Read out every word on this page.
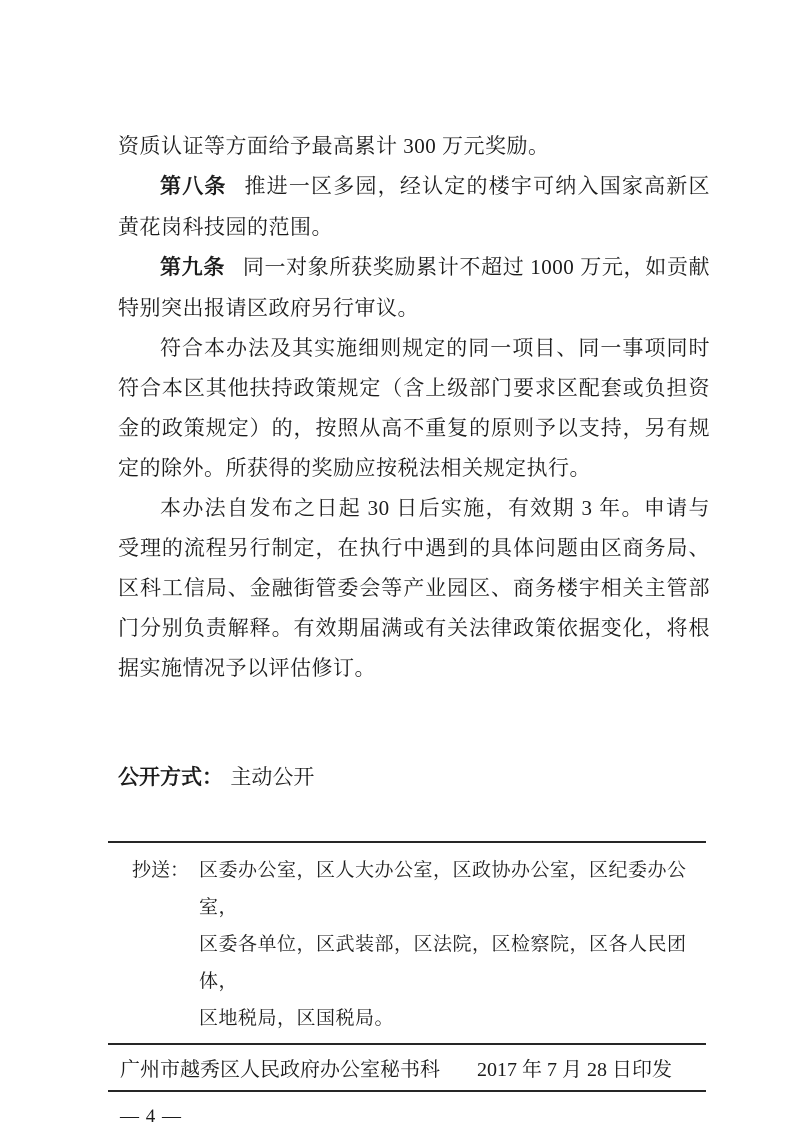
资质认证等方面给予最高累计 300 万元奖励。

第八条 推进一区多园，经认定的楼宇可纳入国家高新区黄花岗科技园的范围。

第九条 同一对象所获奖励累计不超过 1000 万元，如贡献特别突出报请区政府另行审议。

符合本办法及其实施细则规定的同一项目、同一事项同时符合本区其他扶持政策规定（含上级部门要求区配套或负担资金的政策规定）的，按照从高不重复的原则予以支持，另有规定的除外。所获得的奖励应按税法相关规定执行。

本办法自发布之日起 30 日后实施，有效期 3 年。申请与受理的流程另行制定，在执行中遇到的具体问题由区商务局、区科工信局、金融街管委会等产业园区、商务楼宇相关主管部门分别负责解释。有效期届满或有关法律政策依据变化，将根据实施情况予以评估修订。

公开方式： 主动公开
抄送： 区委办公室，区人大办公室，区政协办公室，区纪委办公室，
区委各单位，区武装部，区法院，区检察院，区各人民团体，
区地税局，区国税局。
广州市越秀区人民政府办公室秘书科 2017 年 7 月 28 日印发
— 4 —
